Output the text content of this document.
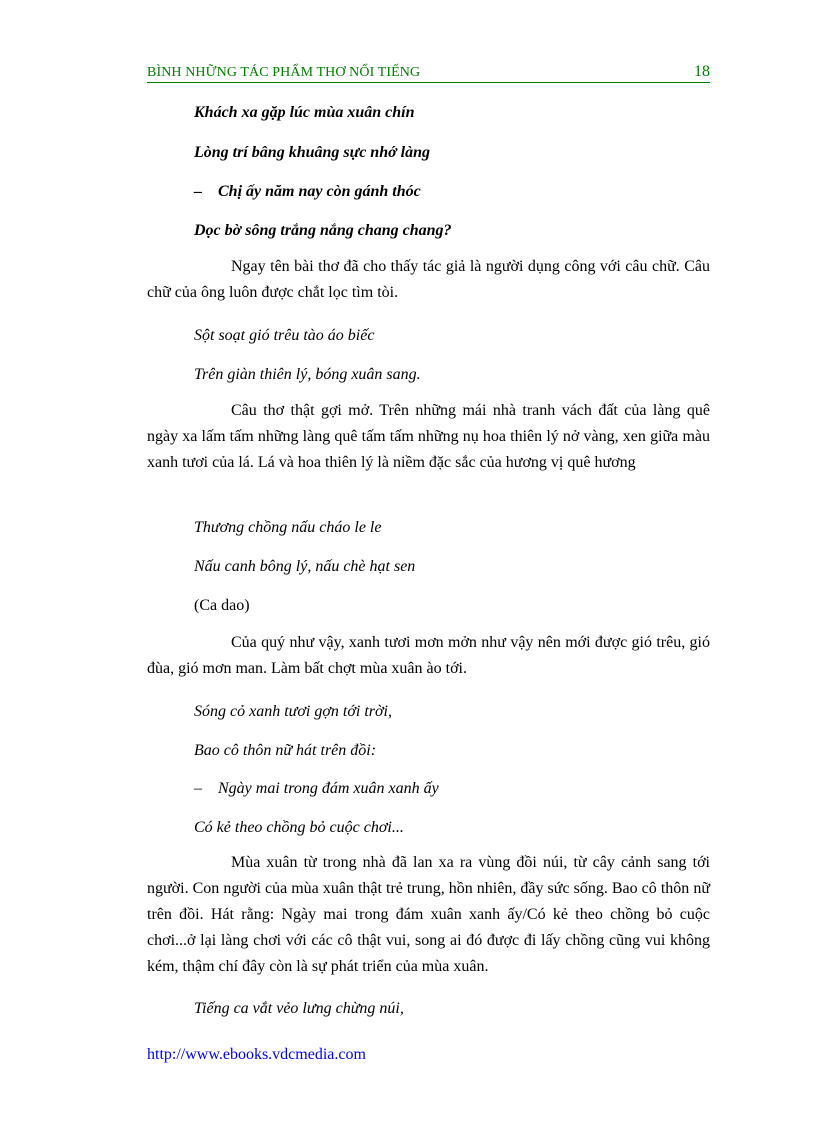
BÌNH NHỮNG TÁC PHẨM THƠ NỔI TIẾNG	18
Khách xa gặp lúc mùa xuân chín
Lòng trí bâng khuâng sực nhớ làng
– Chị ấy năm nay còn gánh thóc
Dọc bờ sông trắng nắng chang chang?

Ngay tên bài thơ đã cho thấy tác giả là người dụng công với câu chữ. Câu chữ của ông luôn được chắt lọc tìm tòi.

Sột soạt gió trêu tào áo biếc
Trên giàn thiên lý, bóng xuân sang.

Câu thơ thật gợi mở. Trên những mái nhà tranh vách đất của làng quê ngày xa lấm tấm những làng quê tấm tấm những nụ hoa thiên lý nở vàng, xen giữa màu xanh tươi của lá. Lá và hoa thiên lý là niềm đặc sắc của hương vị quê hương

Thương chồng nấu cháo le le
Nấu canh bông lý, nấu chè hạt sen
(Ca dao)

Của quý như vậy, xanh tươi mơn mởn như vậy nên mới được gió trêu, gió đùa, gió mơn man. Làm bất chợt mùa xuân ào tới.

Sóng cỏ xanh tươi gợn tới trời,
Bao cô thôn nữ hát trên đồi:
– Ngày mai trong đám xuân xanh ấy
Có kẻ theo chồng bỏ cuộc chơi...

Mùa xuân từ trong nhà đã lan xa ra vùng đồi núi, từ cây cảnh sang tới người. Con người của mùa xuân thật trẻ trung, hồn nhiên, đầy sức sống. Bao cô thôn nữ trên đồi. Hát rằng: Ngày mai trong đám xuân xanh ấy/Có kẻ theo chồng bỏ cuộc chơi...ở lại làng chơi với các cô thật vui, song ai đó được đi lấy chồng cũng vui không kém, thậm chí đây còn là sự phát triển của mùa xuân.

Tiếng ca vắt vẻo lưng chừng núi,
http://www.ebooks.vdcmedia.com
